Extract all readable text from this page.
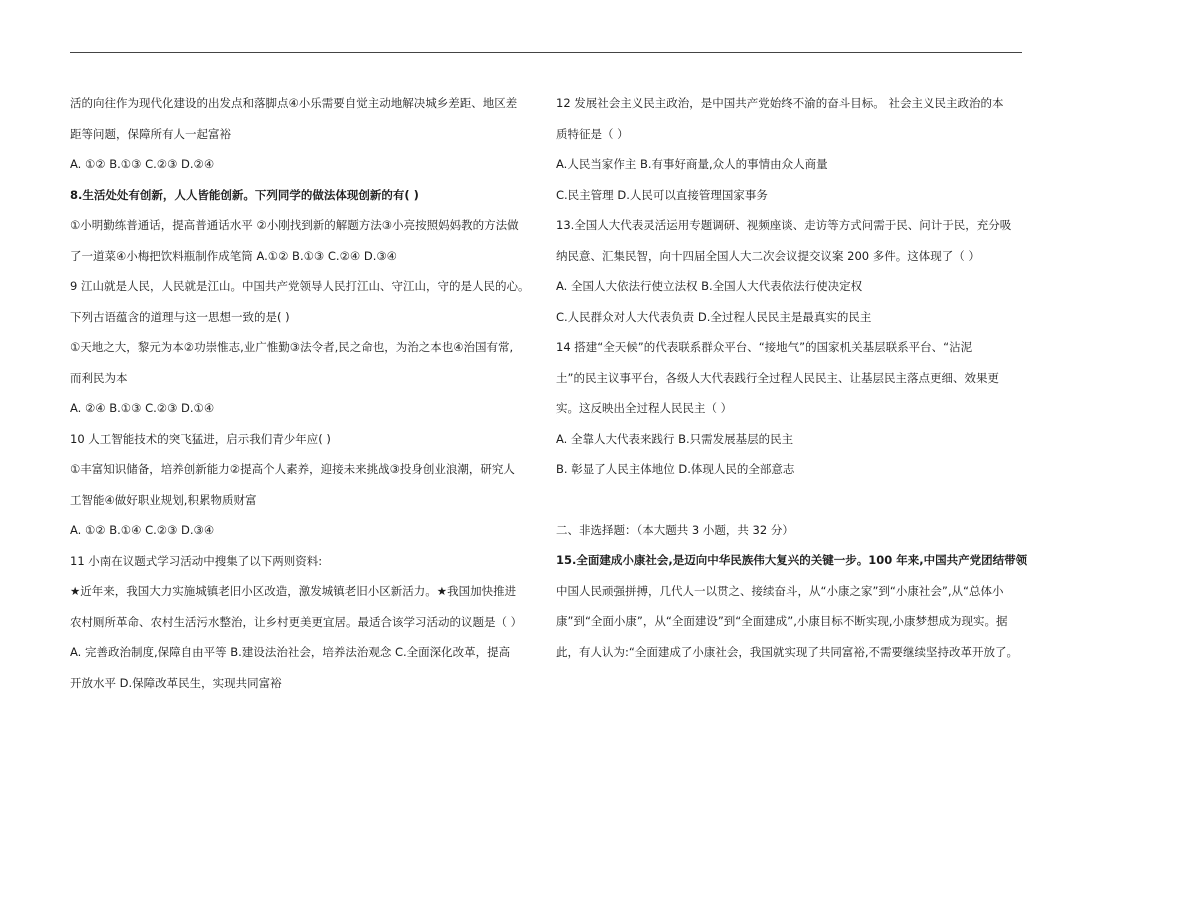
活的向往作为现代化建设的出发点和落脚点④小乐需要自觉主动地解决城乡差距、地区差
距等问题，保障所有人一起富裕
A. ①② B.①③ C.②③ D.②④
8.生活处处有创新，人人皆能创新。下列同学的做法体现创新的有( )
①小明勤练普通话，提高普通话水平 ②小刚找到新的解题方法③小亮按照妈妈教的方法做
了一道菜④小梅把饮料瓶制作成笔筒 A.①② B.①③ C.②④ D.③④
9 江山就是人民，人民就是江山。中国共产党领导人民打江山、守江山，守的是人民的心。
下列古语蕴含的道理与这一思想一致的是( )
①天地之大，黎元为本②功崇惟志,业广惟勤③法令者,民之命也，为治之本也④治国有常,
而利民为本
A. ②④ B.①③ C.②③ D.①④
10 人工智能技术的突飞猛进，启示我们青少年应( )
①丰富知识储备，培养创新能力②提高个人素养，迎接未来挑战③投身创业浪潮，研究人
工智能④做好职业规划,积累物质财富
A. ①② B.①④ C.②③ D.③④
11 小南在议题式学习活动中搜集了以下两则资料:
★近年来，我国大力实施城镇老旧小区改造，激发城镇老旧小区新活力。★我国加快推进
农村厕所革命、农村生活污水整治，让乡村更美更宜居。最适合该学习活动的议题是（ ）
A. 完善政治制度,保障自由平等 B.建设法治社会，培养法治观念 C.全面深化改革，提高
开放水平 D.保障改革民生，实现共同富裕
12 发展社会主义民主政治，是中国共产党始终不渝的奋斗目标。 社会主义民主政治的本
质特征是（ ）
A.人民当家作主 B.有事好商量,众人的事情由众人商量
C.民主管理 D.人民可以直接管理国家事务
13.全国人大代表灵活运用专题调研、视频座谈、走访等方式问需于民、问计于民，充分吸
纳民意、汇集民智，向十四届全国人大二次会议提交议案 200 多件。这体现了（ ）
A. 全国人大依法行使立法权 B.全国人大代表依法行使决定权
C.人民群众对人大代表负责 D.全过程人民民主是最真实的民主
14 搭建“全天候”的代表联系群众平台、“接地气”的国家机关基层联系平台、“沾泥
土”的民主议事平台，各级人大代表践行全过程人民民主、让基层民主落点更细、效果更
实。这反映出全过程人民民主（ ）
A. 全靠人大代表来践行 B.只需发展基层的民主
B. 彰显了人民主体地位 D.体现人民的全部意志
二、非选择题：（本大题共 3 小题，共 32 分）
15.全面建成小康社会,是迈向中华民族伟大复兴的关键一步。100 年来,中国共产党团结带领
中国人民顽强拼搏，几代人一以贯之、接续奋斗，从“小康之家”到“小康社会”,从“总体小
康”到“全面小康”，从“全面建设”到“全面建成”,小康目标不断实现,小康梦想成为现实。据
此，有人认为:“全面建成了小康社会，我国就实现了共同富裕,不需要继续坚持改革开放了。
